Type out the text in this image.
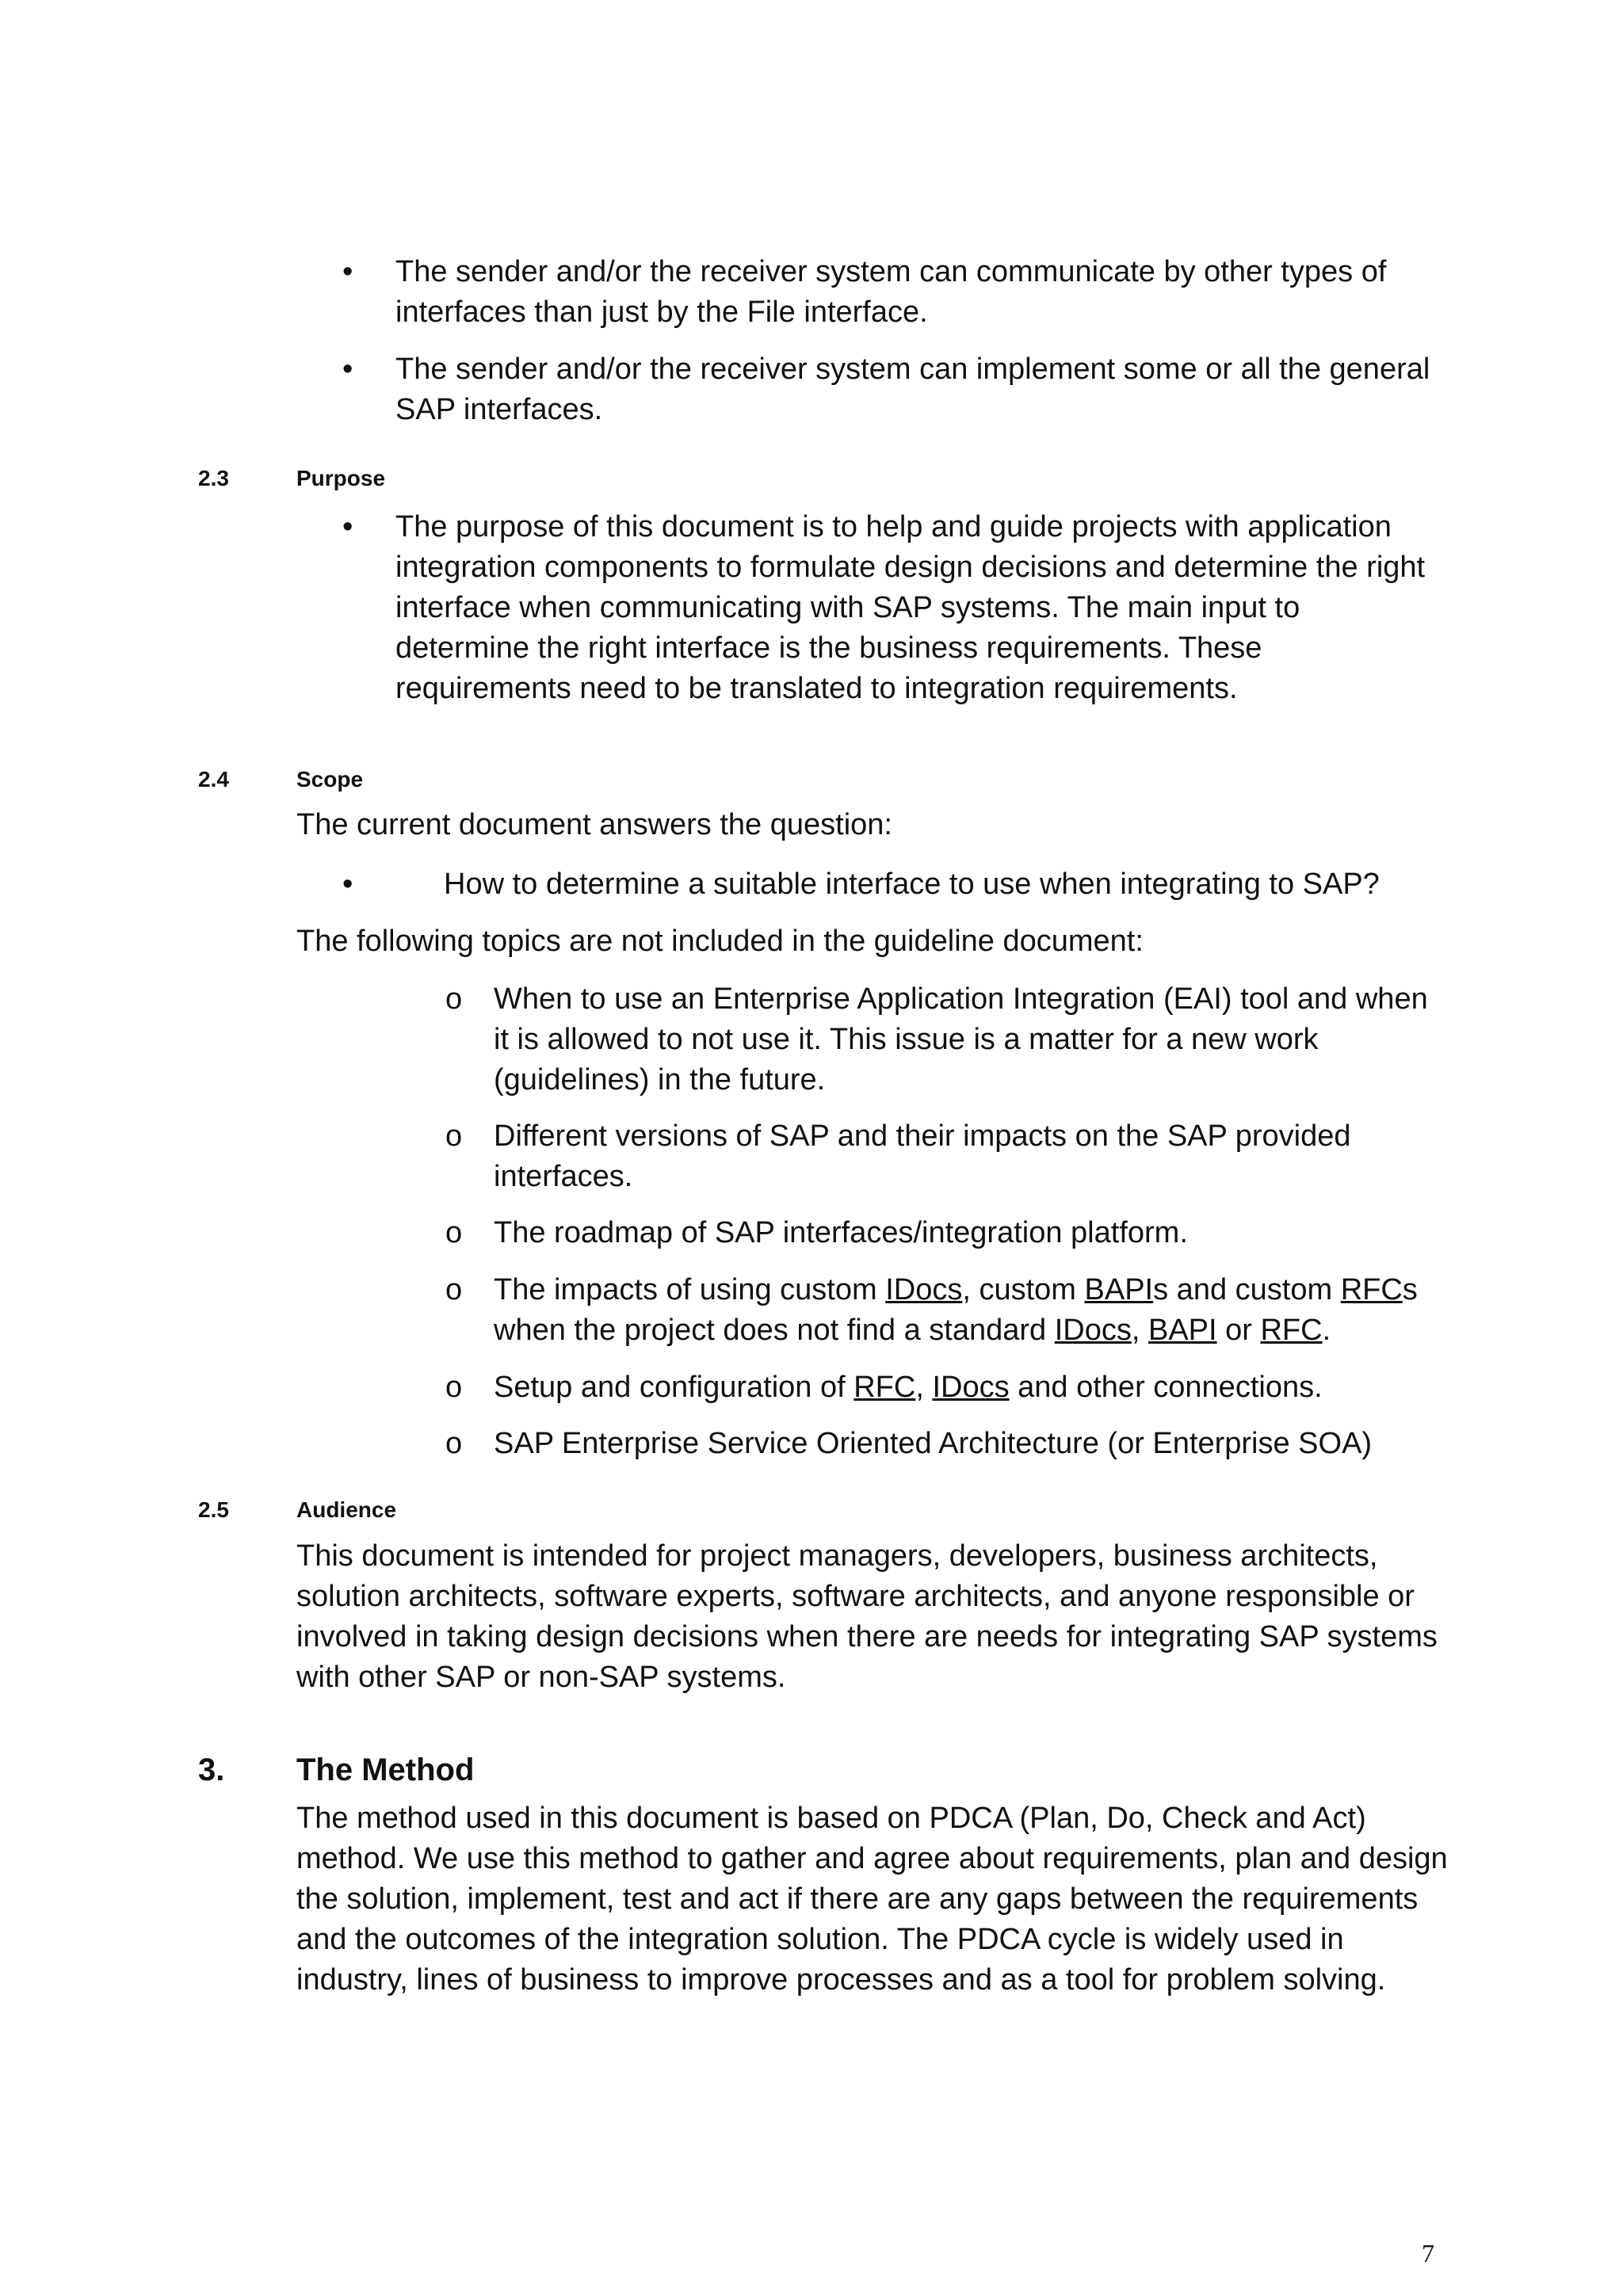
• The sender and/or the receiver system can communicate by other types of interfaces than just by the File interface.
• The sender and/or the receiver system can implement some or all the general SAP interfaces.
2.3	Purpose
• The purpose of this document is to help and guide projects with application integration components to formulate design decisions and determine the right interface when communicating with SAP systems. The main input to determine the right interface is the business requirements. These requirements need to be translated to integration requirements.
2.4	Scope
The current document answers the question:
•	How to determine a suitable interface to use when integrating to SAP?
The following topics are not included in the guideline document:
o When to use an Enterprise Application Integration (EAI) tool and when it is allowed to not use it. This issue is a matter for a new work (guidelines) in the future.
o Different versions of SAP and their impacts on the SAP provided interfaces.
o The roadmap of SAP interfaces/integration platform.
o The impacts of using custom IDocs, custom BAPIs and custom RFCs when the project does not find a standard IDocs, BAPI or RFC.
o Setup and configuration of RFC, IDocs and other connections.
o SAP Enterprise Service Oriented Architecture (or Enterprise SOA)
2.5	Audience
This document is intended for project managers, developers, business architects, solution architects, software experts, software architects, and anyone responsible or involved in taking design decisions when there are needs for integrating SAP systems with other SAP or non-SAP systems.
3. The Method
The method used in this document is based on PDCA (Plan, Do, Check and Act) method. We use this method to gather and agree about requirements, plan and design the solution, implement, test and act if there are any gaps between the requirements and the outcomes of the integration solution. The PDCA cycle is widely used in industry, lines of business to improve processes and as a tool for problem solving.
7
